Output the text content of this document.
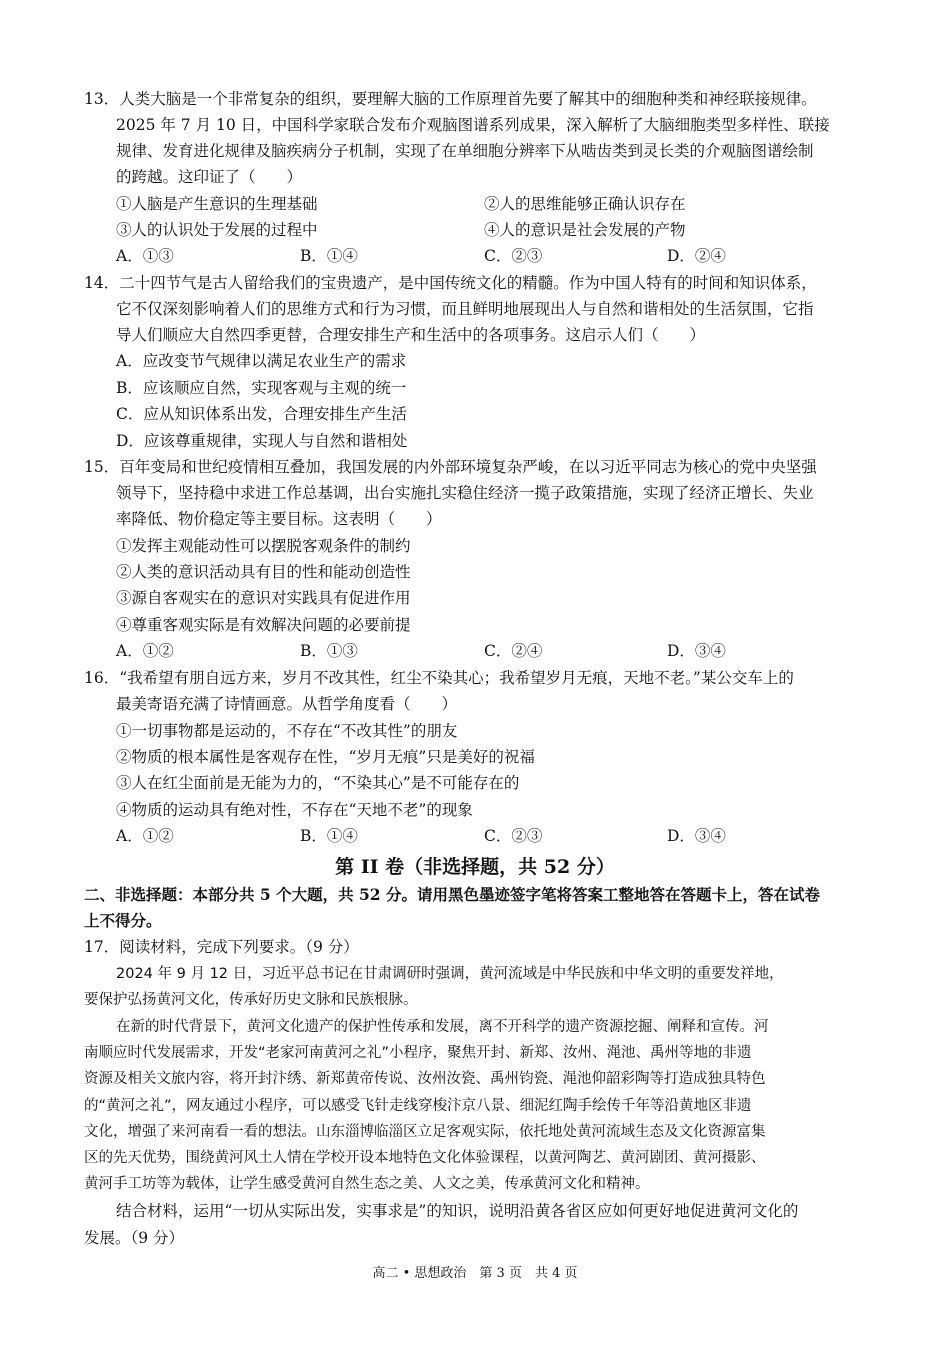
13．人类大脑是一个非常复杂的组织，要理解大脑的工作原理首先要了解其中的细胞种类和神经联接规律。
2025 年 7 月 10 日，中国科学家联合发布介观脑图谱系列成果，深入解析了大脑细胞类型多样性、联接
规律、发育进化规律及脑疾病分子机制，实现了在单细胞分辨率下从啮齿类到灵长类的介观脑图谱绘制
的跨越。这印证了（　　）
①人脑是产生意识的生理基础	②人的思维能够正确认识存在
③人的认识处于发展的过程中	④人的意识是社会发展的产物
A．①③	B．①④	C．②③	D．②④
14．二十四节气是古人留给我们的宝贵遗产，是中国传统文化的精髓。作为中国人特有的时间和知识体系，
它不仅深刻影响着人们的思维方式和行为习惯，而且鲜明地展现出人与自然和谐相处的生活氛围，它指
导人们顺应大自然四季更替，合理安排生产和生活中的各项事务。这启示人们（　　）
A．应改变节气规律以满足农业生产的需求
B．应该顺应自然，实现客观与主观的统一
C．应从知识体系出发，合理安排生产生活
D．应该尊重规律，实现人与自然和谐相处
15．百年变局和世纪疫情相互叠加，我国发展的内外部环境复杂严峻，在以习近平同志为核心的党中央坚强
领导下，坚持稳中求进工作总基调，出台实施扎实稳住经济一揽子政策措施，实现了经济正增长、失业
率降低、物价稳定等主要目标。这表明（　　）
①发挥主观能动性可以摆脱客观条件的制约
②人类的意识活动具有目的性和能动创造性
③源自客观实在的意识对实践具有促进作用
④尊重客观实际是有效解决问题的必要前提
A．①②	B．①③	C．②④	D．③④
16．“我希望有朋自远方来，岁月不改其性，红尘不染其心；我希望岁月无痕，天地不老。”某公交车上的
最美寄语充满了诗情画意。从哲学角度看（　　）
①一切事物都是运动的，不存在“不改其性”的朋友
②物质的根本属性是客观存在性，“岁月无痕”只是美好的祝福
③人在红尘面前是无能为力的，“不染其心”是不可能存在的
④物质的运动具有绝对性，不存在“天地不老”的现象
A．①②	B．①④	C．②③	D．③④
第 II 卷（非选择题，共 52 分）
二、非选择题：本部分共 5 个大题，共 52 分。请用黑色墨迹签字笔将答案工整地答在答题卡上，答在试卷
上不得分。
17．阅读材料，完成下列要求。（9 分）
2024 年 9 月 12 日，习近平总书记在甘肃调研时强调，黄河流域是中华民族和中华文明的重要发祥地，
要保护弘扬黄河文化，传承好历史文脉和民族根脉。
在新的时代背景下，黄河文化遗产的保护性传承和发展，离不开科学的遗产资源挖掘、阐释和宣传。河
南顺应时代发展需求，开发“老家河南黄河之礼”小程序，聚焦开封、新郑、汝州、渑池、禹州等地的非遗
资源及相关文旅内容，将开封汴绣、新郑黄帝传说、汝州汝瓷、禹州钧瓷、渑池仰韶彩陶等打造成独具特色
的“黄河之礼”，网友通过小程序，可以感受飞针走线穿梭汴京八景、细泥红陶手绘传千年等沿黄地区非遗
文化，增强了来河南看一看的想法。山东淄博临淄区立足客观实际，依托地处黄河流域生态及文化资源富集
区的先天优势，围绕黄河风土人情在学校开设本地特色文化体验课程，以黄河陶艺、黄河剧团、黄河摄影、
黄河手工坊等为载体，让学生感受黄河自然生态之美、人文之美，传承黄河文化和精神。
结合材料，运用“一切从实际出发，实事求是”的知识，说明沿黄各省区应如何更好地促进黄河文化的
发展。（9 分）
高二 • 思想政治　第 3 页　共 4 页
